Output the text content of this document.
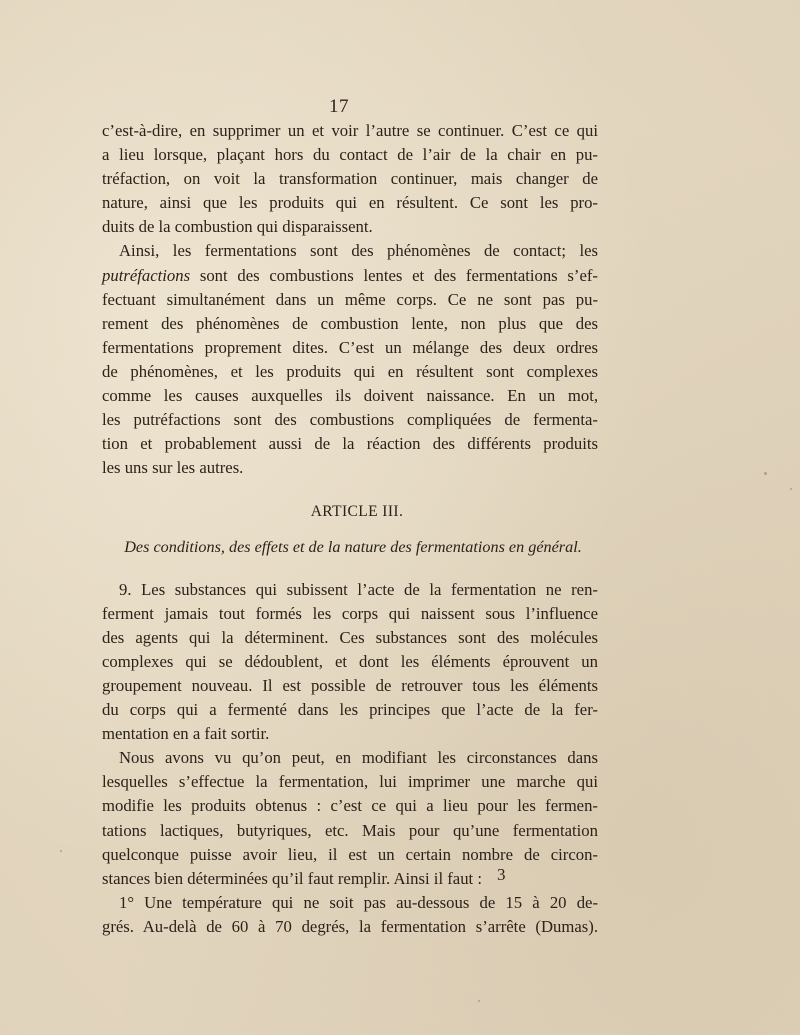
17
c’est-à-dire, en supprimer un et voir l’autre se continuer. C’est ce qui
a lieu lorsque, plaçant hors du contact de l’air de la chair en pu-
tréfaction, on voit la transformation continuer, mais changer de
nature, ainsi que les produits qui en résultent. Ce sont les pro-
duits de la combustion qui disparaissent.
Ainsi, les fermentations sont des phénomènes de contact; les
putréfactions sont des combustions lentes et des fermentations s’ef-
fectuant simultanément dans un même corps. Ce ne sont pas pu-
rement des phénomènes de combustion lente, non plus que des
fermentations proprement dites. C’est un mélange des deux ordres
de phénomènes, et les produits qui en résultent sont complexes
comme les causes auxquelles ils doivent naissance. En un mot,
les putréfactions sont des combustions compliquées de fermenta-
tion et probablement aussi de la réaction des différents produits
les uns sur les autres.
ARTICLE III.
Des conditions, des effets et de la nature des fermentations en général.
9. Les substances qui subissent l’acte de la fermentation ne ren-
ferment jamais tout formés les corps qui naissent sous l’influence
des agents qui la déterminent. Ces substances sont des molécules
complexes qui se dédoublent, et dont les éléments éprouvent un
groupement nouveau. Il est possible de retrouver tous les éléments
du corps qui a fermenté dans les principes que l’acte de la fer-
mentation en a fait sortir.
Nous avons vu qu’on peut, en modifiant les circonstances dans
lesquelles s’effectue la fermentation, lui imprimer une marche qui
modifie les produits obtenus : c’est ce qui a lieu pour les fermen-
tations lactiques, butyriques, etc. Mais pour qu’une fermentation
quelconque puisse avoir lieu, il est un certain nombre de circon-
stances bien déterminées qu’il faut remplir. Ainsi il faut :
1° Une température qui ne soit pas au-dessous de 15 à 20 de-
grés. Au-delà de 60 à 70 degrés, la fermentation s’arrête (Dumas).
3
